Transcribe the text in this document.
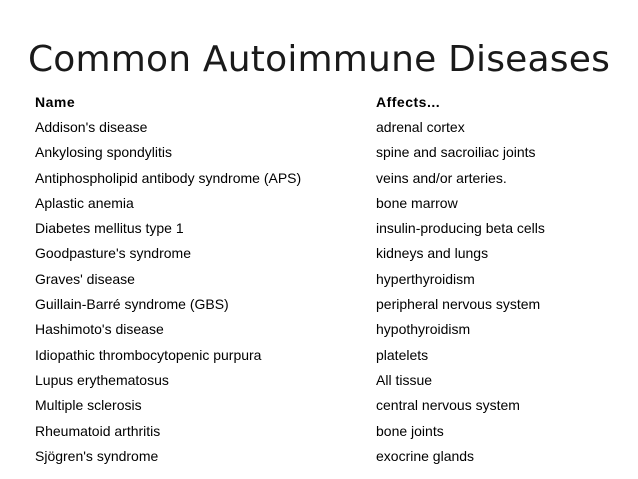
Common Autoimmune Diseases
Name	Affects...
Addison's disease	adrenal cortex
Ankylosing spondylitis	spine and sacroiliac joints
Antiphospholipid antibody syndrome (APS)	veins and/or arteries.
Aplastic anemia	bone marrow
Diabetes mellitus type 1	insulin-producing beta cells
Goodpasture's syndrome	kidneys and lungs
Graves' disease	hyperthyroidism
Guillain-Barré syndrome (GBS)	peripheral nervous system
Hashimoto's disease	hypothyroidism
Idiopathic thrombocytopenic purpura	platelets
Lupus erythematosus	All tissue
Multiple sclerosis	central nervous system
Rheumatoid arthritis	bone joints
Sjögren's syndrome	exocrine glands
